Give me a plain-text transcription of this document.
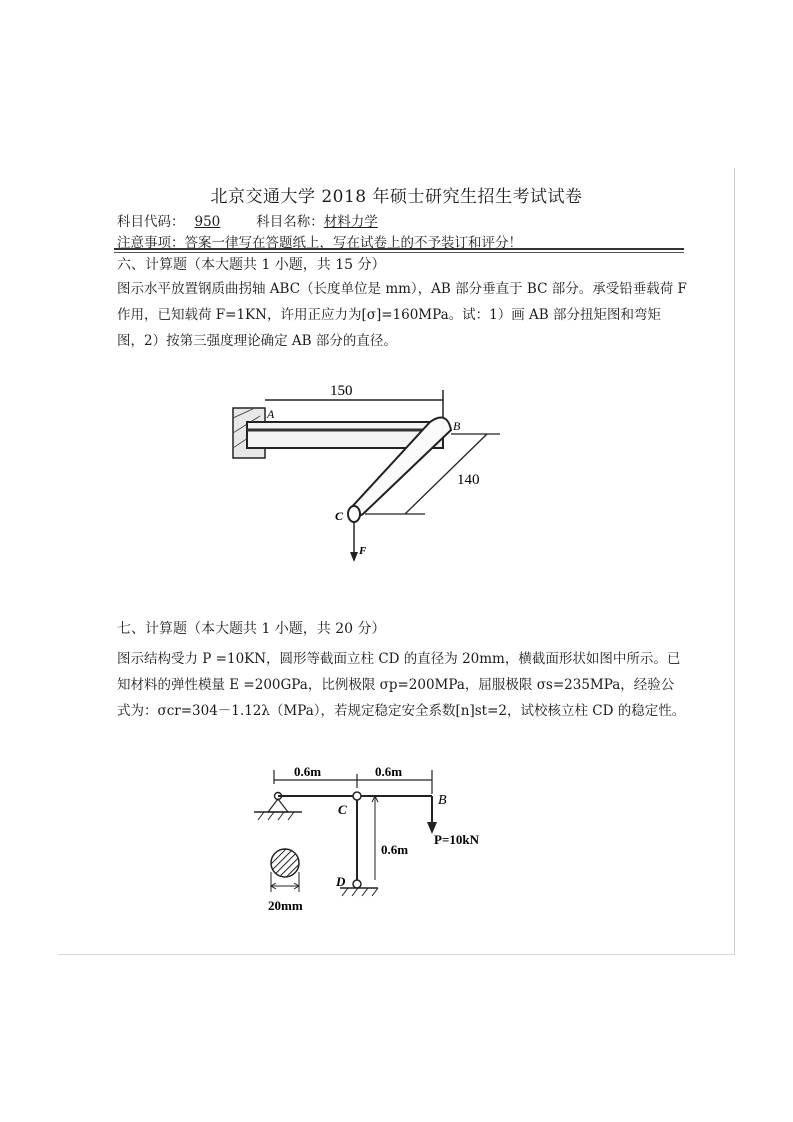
北京交通大学 2018 年硕士研究生招生考试试卷
科目代码： 950	科目名称：材料力学
注意事项：答案一律写在答题纸上，写在试卷上的不予装订和评分！
六、计算题（本大题共 1 小题，共 15 分）
图示水平放置钢质曲拐轴 ABC（长度单位是 mm），AB 部分垂直于 BC 部分。承受铅垂载荷 F 作用，已知载荷 F=1KN，许用正应力为[σ]=160MPa。试：1）画 AB 部分扭矩图和弯矩图，2）按第三强度理论确定 AB 部分的直径。
150
A
B
140
C
F
七、计算题（本大题共 1 小题，共 20 分）
图示结构受力 P =10KN，圆形等截面立柱 CD 的直径为 20mm，横截面形状如图中所示。已知材料的弹性模量 E =200GPa，比例极限 σp=200MPa，屈服极限 σs=235MPa，经验公式为：σcr=304－1.12λ（MPa），若规定稳定安全系数[n]st=2，试校核立柱 CD 的稳定性。
0.6m	0.6m
C
B
P=10kN
0.6m
D
20mm
